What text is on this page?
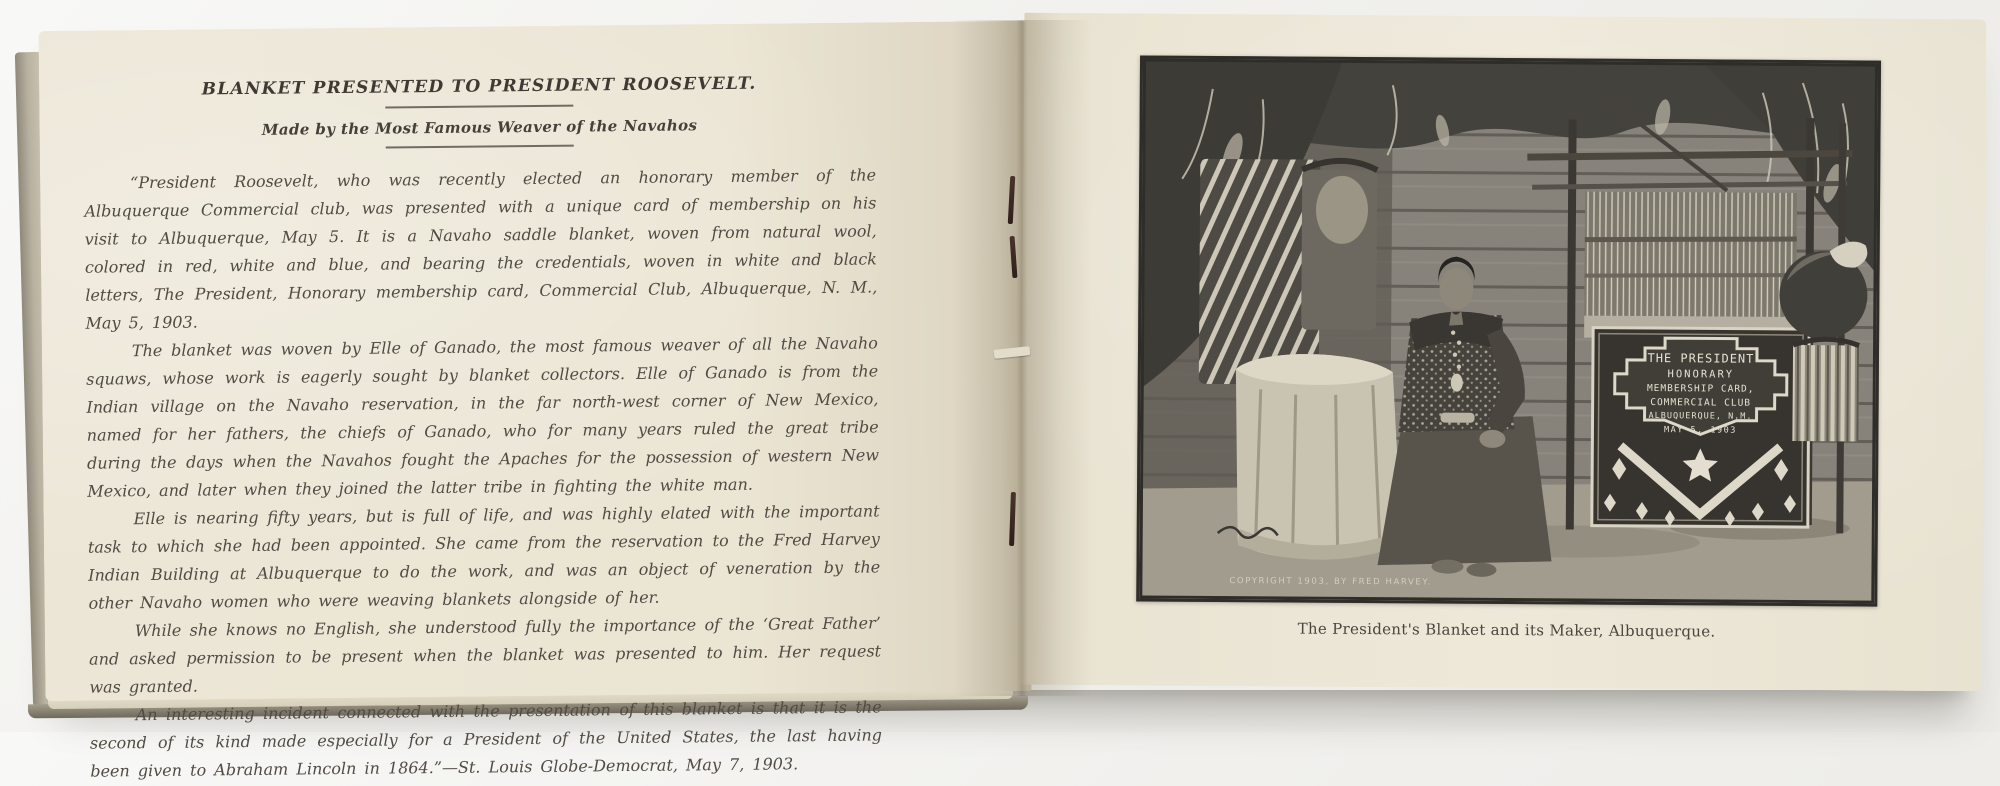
BLANKET PRESENTED TO PRESIDENT ROOSEVELT.
Made by the Most Famous Weaver of the Navahos

“President Roosevelt, who was recently elected an honorary member of the Albuquerque Commercial club, was presented with a unique card of membership on his visit to Albuquerque, May 5. It is a Navaho saddle blanket, woven from natural wool, colored in red, white and blue, and bearing the credentials, woven in white and black letters, The President, Honorary membership card, Commercial Club, Albuquerque, N. M., May 5, 1903.

The blanket was woven by Elle of Ganado, the most famous weaver of all the Navaho squaws, whose work is eagerly sought by blanket collectors. Elle of Ganado is from the Indian village on the Navaho reservation, in the far north-west corner of New Mexico, named for her fathers, the chiefs of Ganado, who for many years ruled the great tribe during the days when the Navahos fought the Apaches for the possession of western New Mexico, and later when they joined the latter tribe in fighting the white man.

Elle is nearing fifty years, but is full of life, and was highly elated with the important task to which she had been appointed. She came from the reservation to the Fred Harvey Indian Building at Albuquerque to do the work, and was an object of veneration by the other Navaho women who were weaving blankets alongside of her.

While she knows no English, she understood fully the importance of the ‘Great Father’ and asked permission to be present when the blanket was presented to him. Her request was granted.

An interesting incident connected with the presentation of this blanket is that it is the second of its kind made especially for a President of the United States, the last having been given to Abraham Lincoln in 1864.”—St. Louis Globe-Democrat, May 7, 1903.

THE PRESIDENT
HONORARY
MEMBERSHIP CARD,
COMMERCIAL CLUB
ALBUQUERQUE, N.M.
MAY 5, 1903
COPYRIGHT 1903, BY FRED HARVEY.
The President's Blanket and its Maker, Albuquerque.
